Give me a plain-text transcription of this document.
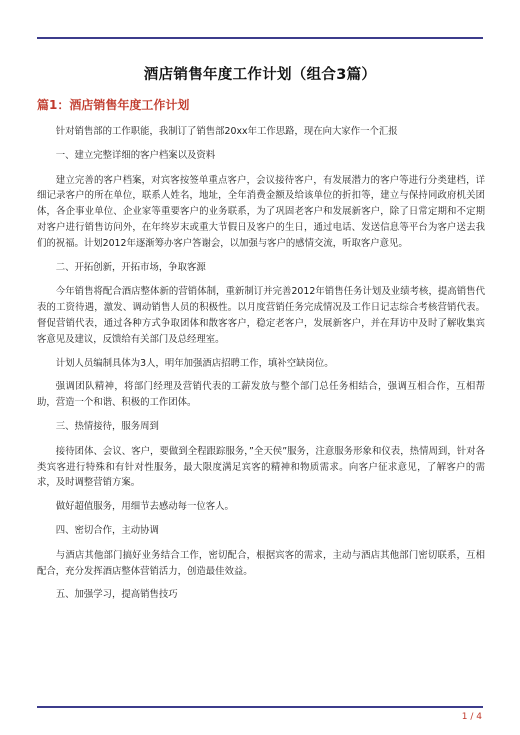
酒店销售年度工作计划（组合3篇）
篇1：酒店销售年度工作计划

针对销售部的工作职能，我制订了销售部20xx年工作思路，现在向大家作一个汇报

一、建立完整详细的客户档案以及资料

建立完善的客户档案，对宾客按签单重点客户，会议接待客户，有发展潜力的客户等进行分类建档，详细记录客户的所在单位，联系人姓名，地址，全年消费金额及给该单位的折扣等，建立与保持同政府机关团体，各企事业单位、企业家等重要客户的业务联系，为了巩固老客户和发展新客户，除了日常定期和不定期对客户进行销售访问外，在年终岁末或重大节假日及客户的生日，通过电话、发送信息等平台为客户送去我们的祝福。计划2012年逐渐筹办客户答谢会，以加强与客户的感情交流，听取客户意见。

二、开拓创新，开拓市场，争取客源

今年销售将配合酒店整体新的营销体制，重新制订并完善2012年销售任务计划及业绩考核，提高销售代表的工资待遇，激发、调动销售人员的积极性。以月度营销任务完成情况及工作日记志综合考核营销代表。督促营销代表，通过各种方式争取团体和散客客户，稳定老客户，发展新客户，并在拜访中及时了解收集宾客意见及建议，反馈给有关部门及总经理室。

计划人员编制具体为3人，明年加强酒店招聘工作，填补空缺岗位。

强调团队精神，将部门经理及营销代表的工薪发放与整个部门总任务相结合，强调互相合作，互相帮助，营造一个和谐、积极的工作团体。

三、热情接待，服务周到

接待团体、会议、客户，要做到全程跟踪服务，”全天侯”服务，注意服务形象和仪表，热情周到，针对各类宾客进行特殊和有针对性服务，最大限度满足宾客的精神和物质需求。向客户征求意见，了解客户的需求，及时调整营销方案。

做好超值服务，用细节去感动每一位客人。

四、密切合作，主动协调

与酒店其他部门搞好业务结合工作，密切配合，根据宾客的需求，主动与酒店其他部门密切联系，互相配合，充分发挥酒店整体营销活力，创造最佳效益。

五、加强学习，提高销售技巧

1 / 4
